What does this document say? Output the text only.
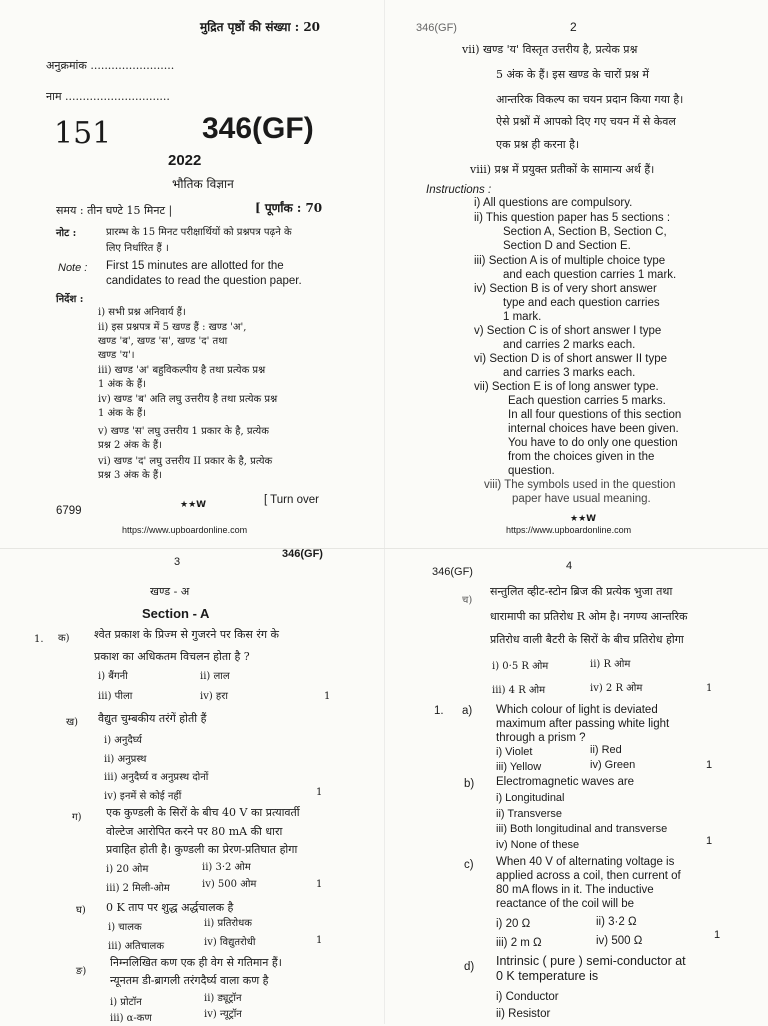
मुद्रित पृष्ठों की संख्या : 20
अनुक्रमांक ........................
नाम ..............................
151	346(GF)
2022
भौतिक विज्ञान
समय : तीन घण्टे 15 मिनट |	[ पूर्णांक : 70
नोट :	प्रारम्भ के 15 मिनट परीक्षार्थियों को प्रश्नपत्र पढ़ने के
लिए निर्धारित हैं ।
Note : First 15 minutes are allotted for the
candidates to read the question paper.
निर्देश :
i) सभी प्रश्न अनिवार्य हैं।
ii) इस प्रश्नपत्र में 5 खण्ड हैं : खण्ड 'अ',
खण्ड 'ब', खण्ड 'स', खण्ड 'द' तथा
खण्ड 'य'।
iii) खण्ड 'अ' बहुविकल्पीय है तथा प्रत्येक प्रश्न
1 अंक के हैं।
iv) खण्ड 'ब' अति लघु उत्तरीय है तथा प्रत्येक प्रश्न
1 अंक के हैं।
v) खण्ड 'स' लघु उत्तरीय 1 प्रकार के है, प्रत्येक
प्रश्न 2 अंक के हैं।
vi) खण्ड 'द' लघु उत्तरीय II प्रकार के है, प्रत्येक
प्रश्न 3 अंक के हैं।
6799	★★W	[ Turn over
https://www.upboardonline.com
346(GF)	2
vii) खण्ड 'य' विस्तृत उत्तरीय है, प्रत्येक प्रश्न
5 अंक के हैं। इस खण्ड के चारों प्रश्न में
आन्तरिक विकल्प का चयन प्रदान किया गया है।
ऐसे प्रश्नों में आपको दिए गए चयन में से केवल
एक प्रश्न ही करना है।
viii) प्रश्न में प्रयुक्त प्रतीकों के सामान्य अर्थ हैं।
Instructions :
i) All questions are compulsory.
ii) This question paper has 5 sections :
Section A, Section B, Section C,
Section D and Section E.
iii) Section A is of multiple choice type
and each question carries 1 mark.
iv) Section B is of very short answer
type and each question carries
1 mark.
v) Section C is of short answer I type
and carries 2 marks each.
vi) Section D is of short answer II type
and carries 3 marks each.
vii) Section E is of long answer type.
Each question carries 5 marks.
In all four questions of this section
internal choices have been given.
You have to do only one question
from the choices given in the
question.
viii) The symbols used in the question
paper have usual meaning.
★★W
https://www.upboardonline.com
3
346(GF)
खण्ड - अ
Section - A
1. क) श्वेत प्रकाश के प्रिज्म से गुजरने पर किस रंग के
प्रकाश का अधिकतम विचलन होता है ?
i) बैंगनी	ii) लाल
iii) पीला	iv) हरा	1
ख) वैद्युत चुम्बकीय तरंगें होती हैं
i) अनुदैर्घ्य
ii) अनुप्रस्थ
iii) अनुदैर्घ्य व अनुप्रस्थ दोनों
iv) इनमें से कोई नहीं	1
ग) एक कुण्डली के सिरों के बीच 40 V का प्रत्यावर्ती
वोल्टेज आरोपित करने पर 80 mA की धारा
प्रवाहित होती है। कुण्डली का प्रेरण-प्रतिघात होगा
i) 20 ओम	ii) 3·2 ओम
iii) 2 मिली-ओम	iv) 500 ओम	1
घ) 0 K ताप पर शुद्ध अर्द्धचालक है
i) चालक	ii) प्रतिरोधक
iii) अतिचालक	iv) विद्युतरोधी	1
ङ)
निम्नलिखित कण एक ही वेग से गतिमान हैं।
न्यूनतम डी-ब्रागली तरंगदैर्घ्य वाला कण है
i) प्रोटॉन	ii) ड्यूट्रॉन
iii) α-कण	iv) न्यूट्रॉन
346(GF)	4
च)
सन्तुलित व्हीट-स्टोन ब्रिज की प्रत्येक भुजा तथा
धारामापी का प्रतिरोध R ओम है। नगण्य आन्तरिक
प्रतिरोध वाली बैटरी के सिरों के बीच प्रतिरोध होगा
i) 0·5 R ओम	ii) R ओम
iii) 4 R ओम	iv) 2 R ओम	1
1. a) Which colour of light is deviated
maximum after passing white light
through a prism ?
i) Violet	ii) Red
iii) Yellow	iv) Green	1
b) Electromagnetic waves are
i) Longitudinal
ii) Transverse
iii) Both longitudinal and transverse
iv) None of these	1
c) When 40 V of alternating voltage is
applied across a coil, then current of
80 mA flows in it. The inductive
reactance of the coil will be
i) 20 Ω	ii) 3·2 Ω
iii) 2 m Ω	iv) 500 Ω	1
d) Intrinsic ( pure ) semi-conductor at
0 K temperature is
i) Conductor
ii) Resistor
